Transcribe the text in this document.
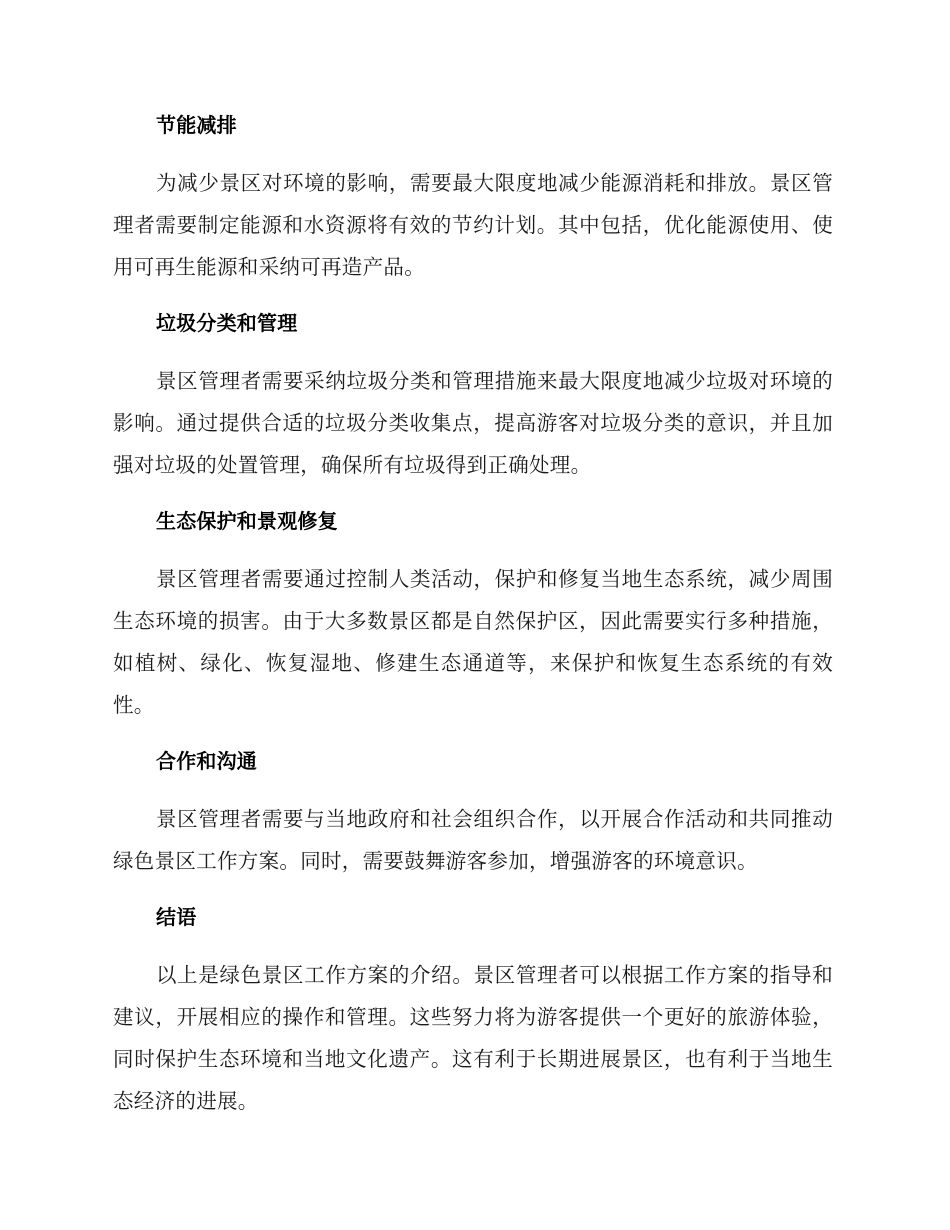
节能减排

为减少景区对环境的影响，需要最大限度地减少能源消耗和排放。景区管理者需要制定能源和水资源将有效的节约计划。其中包括，优化能源使用、使用可再生能源和采纳可再造产品。

垃圾分类和管理

景区管理者需要采纳垃圾分类和管理措施来最大限度地减少垃圾对环境的影响。通过提供合适的垃圾分类收集点，提高游客对垃圾分类的意识，并且加强对垃圾的处置管理，确保所有垃圾得到正确处理。

生态保护和景观修复

景区管理者需要通过控制人类活动，保护和修复当地生态系统，减少周围生态环境的损害。由于大多数景区都是自然保护区，因此需要实行多种措施，如植树、绿化、恢复湿地、修建生态通道等，来保护和恢复生态系统的有效性。

合作和沟通

景区管理者需要与当地政府和社会组织合作，以开展合作活动和共同推动绿色景区工作方案。同时，需要鼓舞游客参加，增强游客的环境意识。

结语

以上是绿色景区工作方案的介绍。景区管理者可以根据工作方案的指导和建议，开展相应的操作和管理。这些努力将为游客提供一个更好的旅游体验，同时保护生态环境和当地文化遗产。这有利于长期进展景区，也有利于当地生态经济的进展。
